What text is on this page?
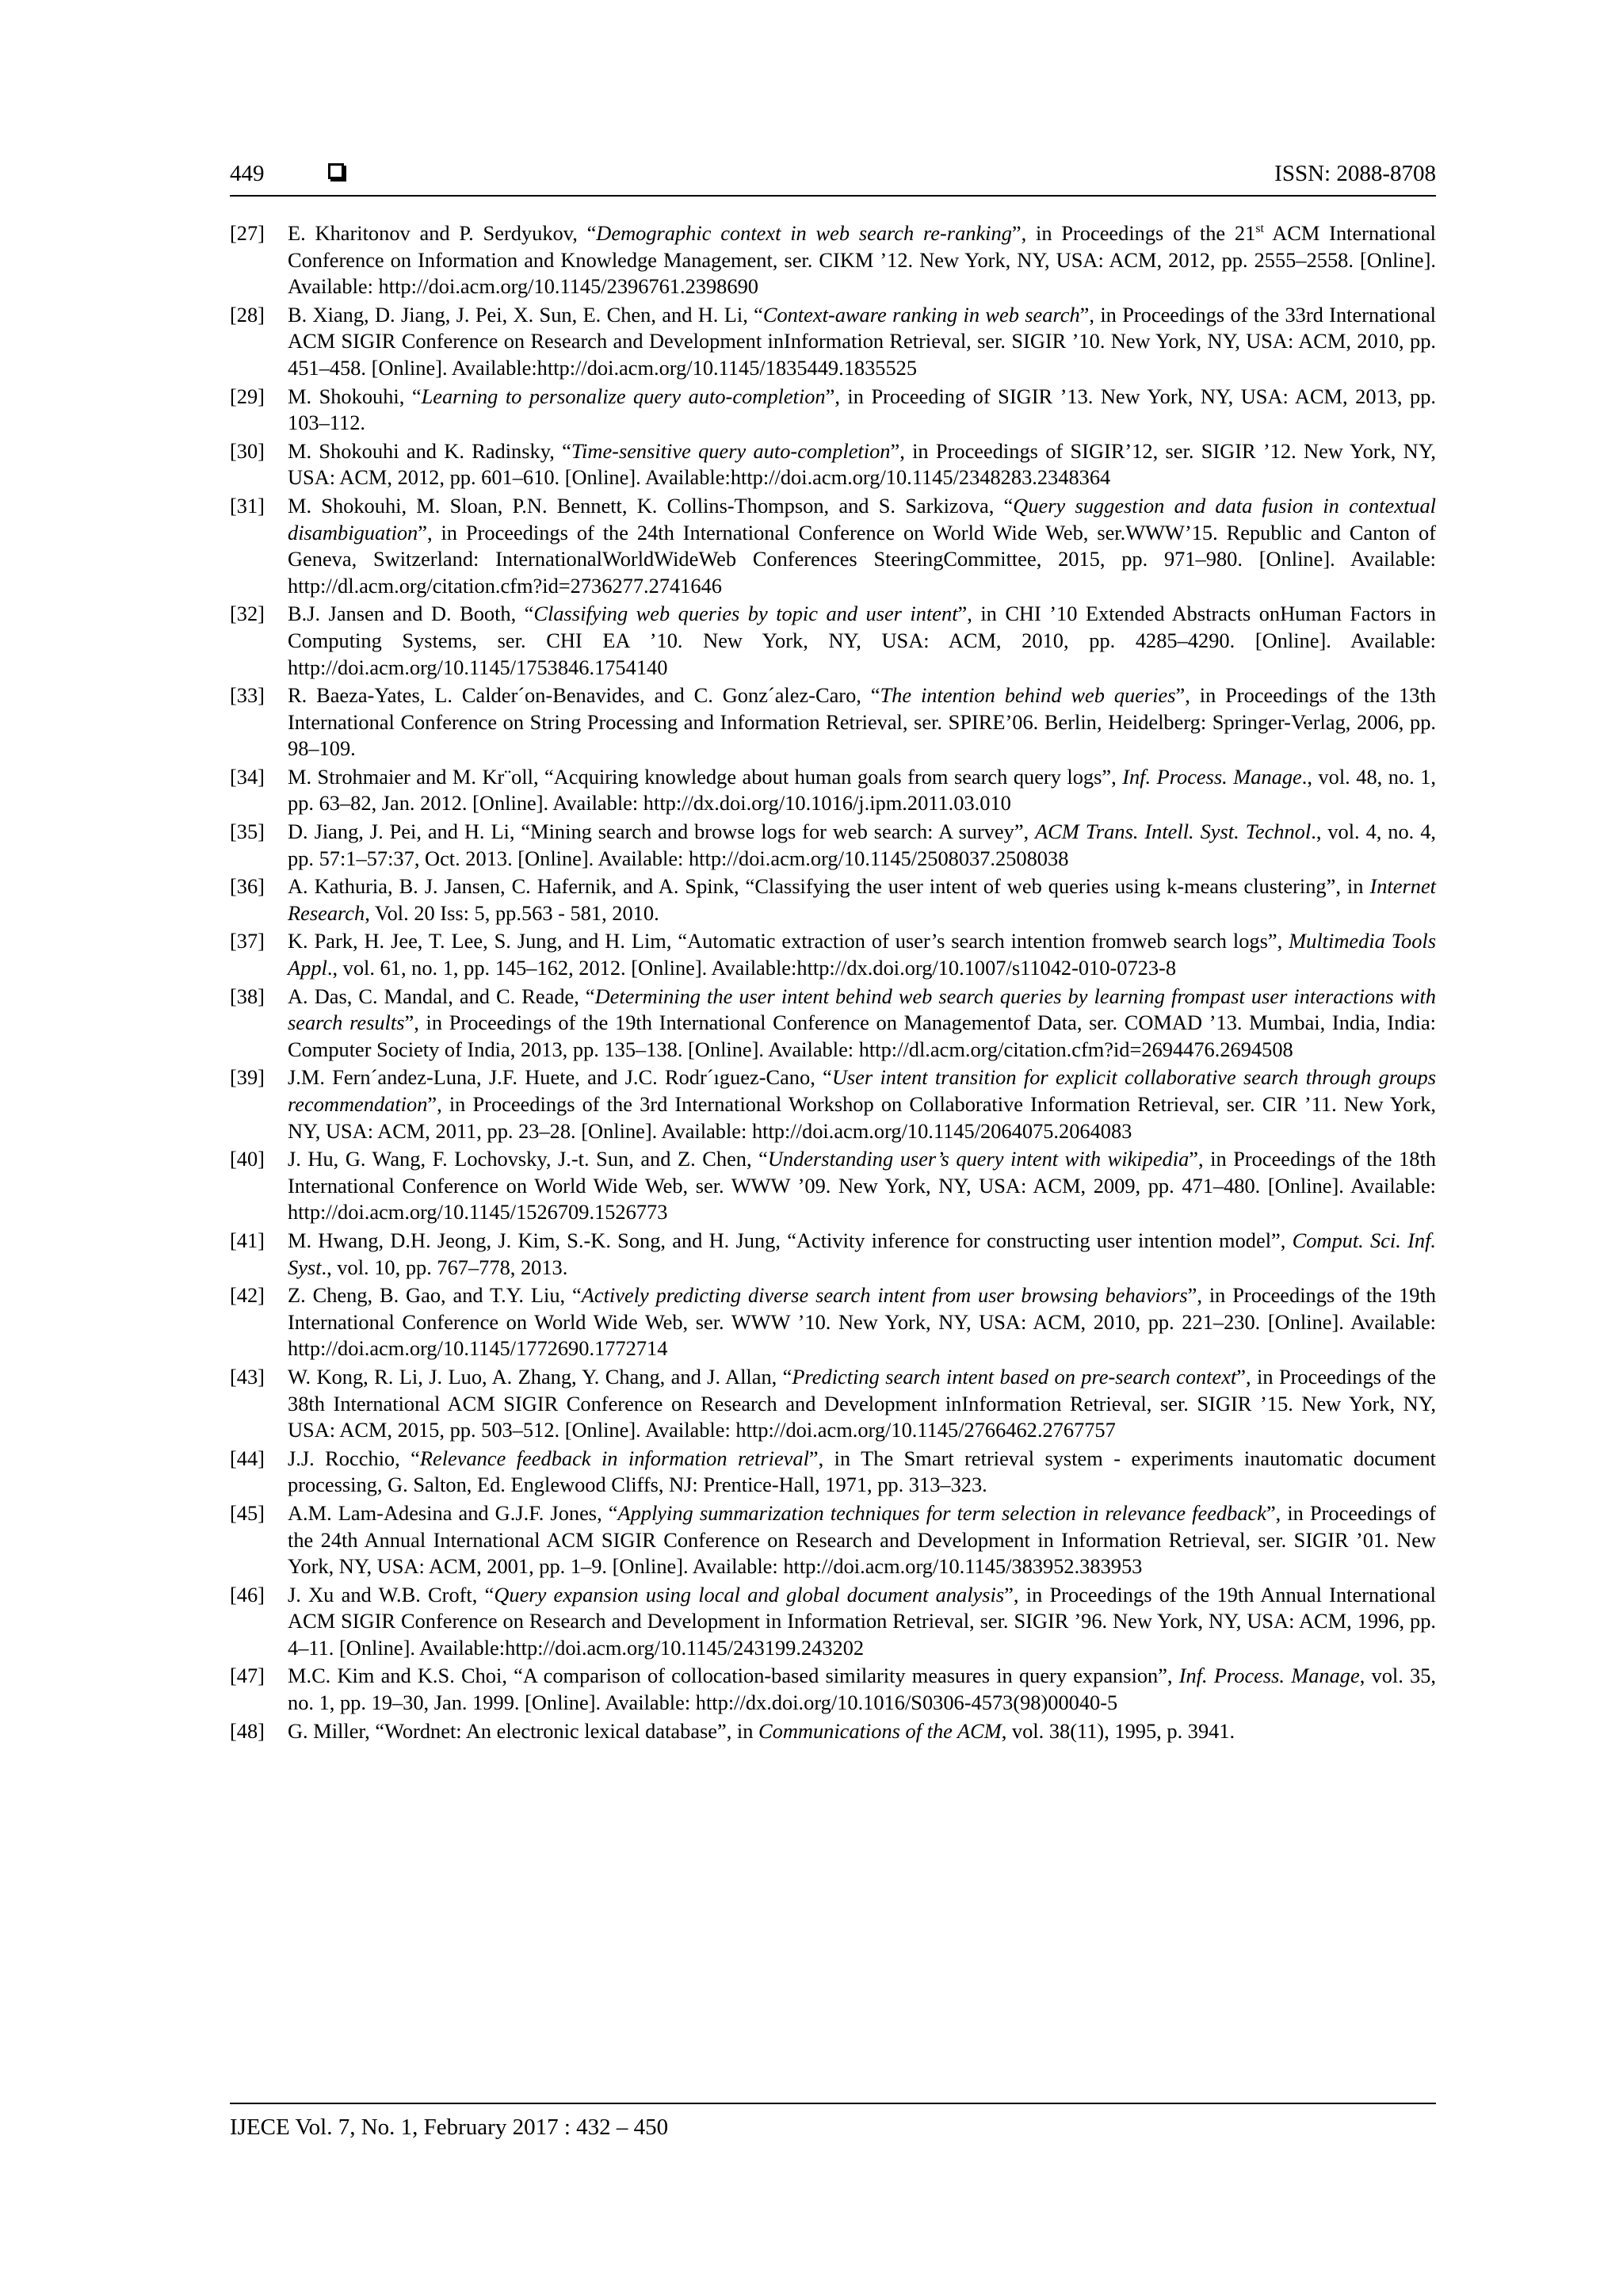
449	ISSN: 2088-8708
[27] E. Kharitonov and P. Serdyukov, “Demographic context in web search re-ranking”, in Proceedings of the 21st ACM International Conference on Information and Knowledge Management, ser. CIKM ’12. New York, NY, USA: ACM, 2012, pp. 2555–2558. [Online]. Available: http://doi.acm.org/10.1145/2396761.2398690
[28] B. Xiang, D. Jiang, J. Pei, X. Sun, E. Chen, and H. Li, “Context-aware ranking in web search”, in Proceedings of the 33rd International ACM SIGIR Conference on Research and Development inInformation Retrieval, ser. SIGIR ’10. New York, NY, USA: ACM, 2010, pp. 451–458. [Online]. Available:http://doi.acm.org/10.1145/1835449.1835525
[29] M. Shokouhi, “Learning to personalize query auto-completion”, in Proceeding of SIGIR ’13. New York, NY, USA: ACM, 2013, pp. 103–112.
[30] M. Shokouhi and K. Radinsky, “Time-sensitive query auto-completion”, in Proceedings of SIGIR’12, ser. SIGIR ’12. New York, NY, USA: ACM, 2012, pp. 601–610. [Online]. Available:http://doi.acm.org/10.1145/2348283.2348364
[31] M. Shokouhi, M. Sloan, P.N. Bennett, K. Collins-Thompson, and S. Sarkizova, “Query suggestion and data fusion in contextual disambiguation”, in Proceedings of the 24th International Conference on World Wide Web, ser.WWW’15. Republic and Canton of Geneva, Switzerland: InternationalWorldWideWeb Conferences SteeringCommittee, 2015, pp. 971–980. [Online]. Available: http://dl.acm.org/citation.cfm?id=2736277.2741646
[32] B.J. Jansen and D. Booth, “Classifying web queries by topic and user intent”, in CHI ’10 Extended Abstracts onHuman Factors in Computing Systems, ser. CHI EA ’10. New York, NY, USA: ACM, 2010, pp. 4285–4290. [Online]. Available: http://doi.acm.org/10.1145/1753846.1754140
[33] R. Baeza-Yates, L. Calder´on-Benavides, and C. Gonz´alez-Caro, “The intention behind web queries”, in Proceedings of the 13th International Conference on String Processing and Information Retrieval, ser. SPIRE’06. Berlin, Heidelberg: Springer-Verlag, 2006, pp. 98–109.
[34] M. Strohmaier and M. Kr¨oll, “Acquiring knowledge about human goals from search query logs”, Inf. Process. Manage., vol. 48, no. 1, pp. 63–82, Jan. 2012. [Online]. Available: http://dx.doi.org/10.1016/j.ipm.2011.03.010
[35] D. Jiang, J. Pei, and H. Li, “Mining search and browse logs for web search: A survey”, ACM Trans. Intell. Syst. Technol., vol. 4, no. 4, pp. 57:1–57:37, Oct. 2013. [Online]. Available: http://doi.acm.org/10.1145/2508037.2508038
[36] A. Kathuria, B. J. Jansen, C. Hafernik, and A. Spink, “Classifying the user intent of web queries using k-means clustering”, in Internet Research, Vol. 20 Iss: 5, pp.563 - 581, 2010.
[37] K. Park, H. Jee, T. Lee, S. Jung, and H. Lim, “Automatic extraction of user’s search intention fromweb search logs”, Multimedia Tools Appl., vol. 61, no. 1, pp. 145–162, 2012. [Online]. Available:http://dx.doi.org/10.1007/s11042-010-0723-8
[38] A. Das, C. Mandal, and C. Reade, “Determining the user intent behind web search queries by learning frompast user interactions with search results”, in Proceedings of the 19th International Conference on Managementof Data, ser. COMAD ’13. Mumbai, India, India: Computer Society of India, 2013, pp. 135–138. [Online]. Available: http://dl.acm.org/citation.cfm?id=2694476.2694508
[39] J.M. Fern´andez-Luna, J.F. Huete, and J.C. Rodr´ıguez-Cano, “User intent transition for explicit collaborative search through groups recommendation”, in Proceedings of the 3rd International Workshop on Collaborative Information Retrieval, ser. CIR ’11. New York, NY, USA: ACM, 2011, pp. 23–28. [Online]. Available: http://doi.acm.org/10.1145/2064075.2064083
[40] J. Hu, G. Wang, F. Lochovsky, J.-t. Sun, and Z. Chen, “Understanding user’s query intent with wikipedia”, in Proceedings of the 18th International Conference on World Wide Web, ser. WWW ’09. New York, NY, USA: ACM, 2009, pp. 471–480. [Online]. Available: http://doi.acm.org/10.1145/1526709.1526773
[41] M. Hwang, D.H. Jeong, J. Kim, S.-K. Song, and H. Jung, “Activity inference for constructing user intention model”, Comput. Sci. Inf. Syst., vol. 10, pp. 767–778, 2013.
[42] Z. Cheng, B. Gao, and T.Y. Liu, “Actively predicting diverse search intent from user browsing behaviors”, in Proceedings of the 19th International Conference on World Wide Web, ser. WWW ’10. New York, NY, USA: ACM, 2010, pp. 221–230. [Online]. Available: http://doi.acm.org/10.1145/1772690.1772714
[43] W. Kong, R. Li, J. Luo, A. Zhang, Y. Chang, and J. Allan, “Predicting search intent based on pre-search context”, in Proceedings of the 38th International ACM SIGIR Conference on Research and Development inInformation Retrieval, ser. SIGIR ’15. New York, NY, USA: ACM, 2015, pp. 503–512. [Online]. Available: http://doi.acm.org/10.1145/2766462.2767757
[44] J.J. Rocchio, “Relevance feedback in information retrieval”, in The Smart retrieval system - experiments inautomatic document processing, G. Salton, Ed. Englewood Cliffs, NJ: Prentice-Hall, 1971, pp. 313–323.
[45] A.M. Lam-Adesina and G.J.F. Jones, “Applying summarization techniques for term selection in relevance feedback”, in Proceedings of the 24th Annual International ACM SIGIR Conference on Research and Development in Information Retrieval, ser. SIGIR ’01. New York, NY, USA: ACM, 2001, pp. 1–9. [Online]. Available: http://doi.acm.org/10.1145/383952.383953
[46] J. Xu and W.B. Croft, “Query expansion using local and global document analysis”, in Proceedings of the 19th Annual International ACM SIGIR Conference on Research and Development in Information Retrieval, ser. SIGIR ’96. New York, NY, USA: ACM, 1996, pp. 4–11. [Online]. Available:http://doi.acm.org/10.1145/243199.243202
[47] M.C. Kim and K.S. Choi, “A comparison of collocation-based similarity measures in query expansion”, Inf. Process. Manage, vol. 35, no. 1, pp. 19–30, Jan. 1999. [Online]. Available: http://dx.doi.org/10.1016/S0306-4573(98)00040-5
[48] G. Miller, “Wordnet: An electronic lexical database”, in Communications of the ACM, vol. 38(11), 1995, p. 3941.
IJECE Vol. 7, No. 1, February 2017 : 432 – 450
